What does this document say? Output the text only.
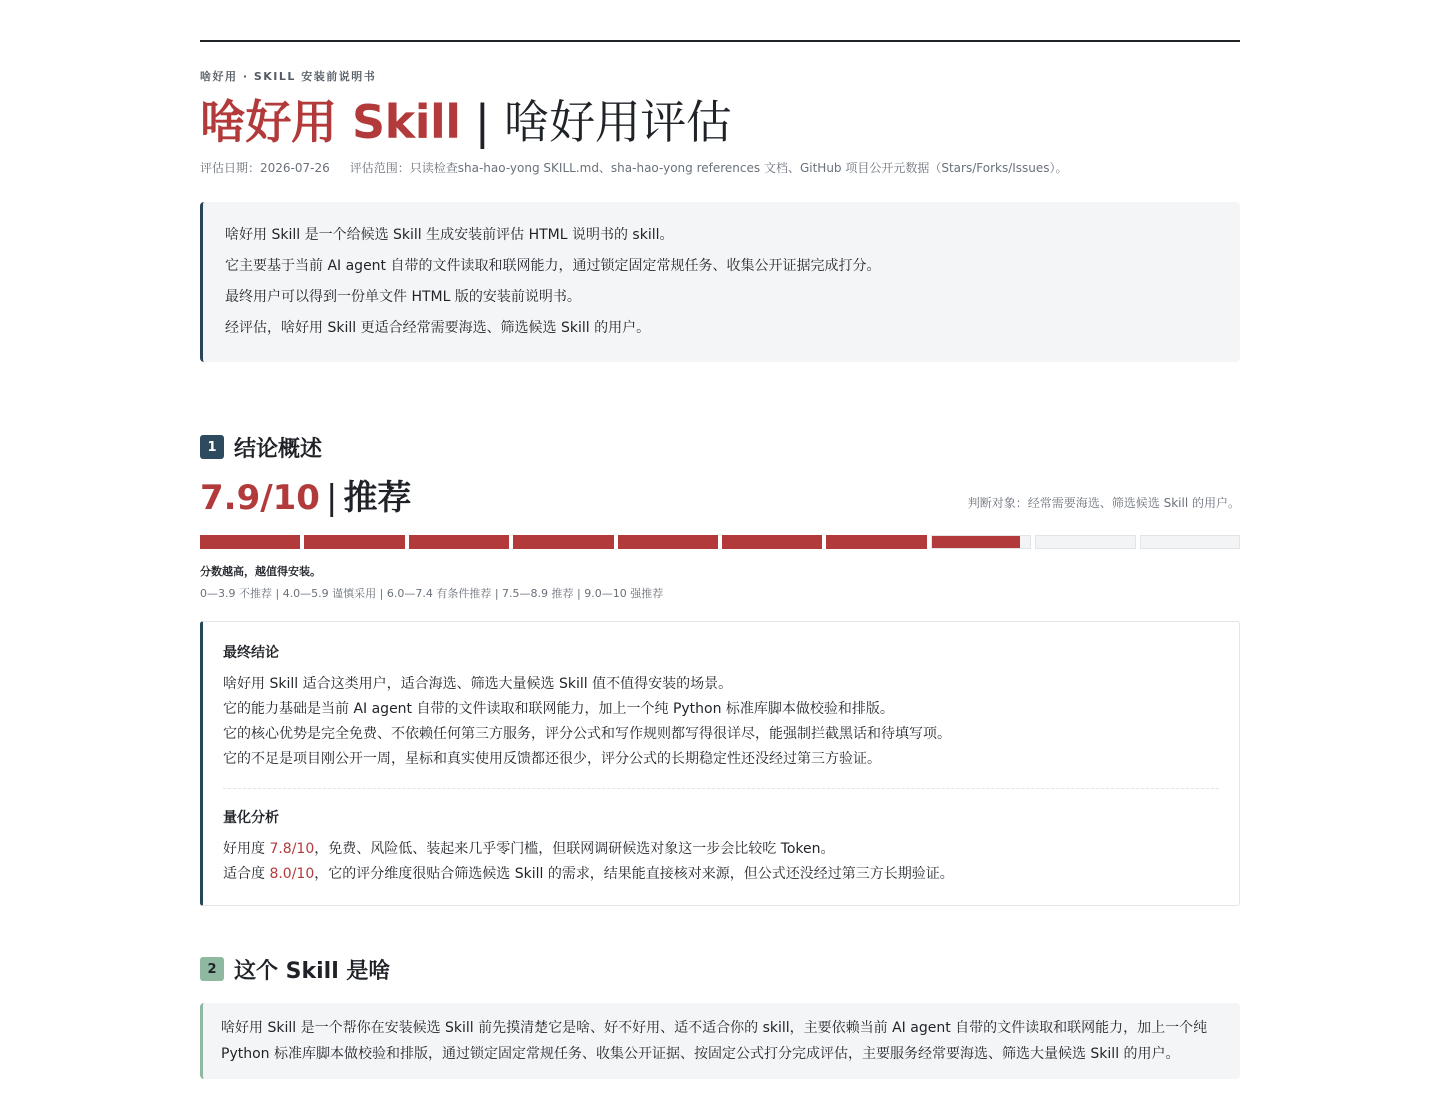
啥好用 · SKILL 安装前说明书
啥好用 Skill | 啥好用评估
评估日期：2026-07-26 评估范围：只读检查sha-hao-yong SKILL.md、sha-hao-yong references 文档、GitHub 项目公开元数据（Stars/Forks/Issues）。

啥好用 Skill 是一个给候选 Skill 生成安装前评估 HTML 说明书的 skill。

它主要基于当前 AI agent 自带的文件读取和联网能力，通过锁定固定常规任务、收集公开证据完成打分。

最终用户可以得到一份单文件 HTML 版的安装前说明书。

经评估，啥好用 Skill 更适合经常需要海选、筛选候选 Skill 的用户。

1 结论概述
7.9/10 | 推荐	判断对象：经常需要海选、筛选候选 Skill 的用户。
分数越高，越值得安装。
0—3.9 不推荐 | 4.0—5.9 谨慎采用 | 6.0—7.4 有条件推荐 | 7.5—8.9 推荐 | 9.0—10 强推荐
最终结论

啥好用 Skill 适合这类用户，适合海选、筛选大量候选 Skill 值不值得安装的场景。

它的能力基础是当前 AI agent 自带的文件读取和联网能力，加上一个纯 Python 标准库脚本做校验和排版。

它的核心优势是完全免费、不依赖任何第三方服务，评分公式和写作规则都写得很详尽，能强制拦截黑话和待填写项。

它的不足是项目刚公开一周，星标和真实使用反馈都还很少，评分公式的长期稳定性还没经过第三方验证。

量化分析

好用度 7.8/10，免费、风险低、装起来几乎零门槛，但联网调研候选对象这一步会比较吃 Token。

适合度 8.0/10，它的评分维度很贴合筛选候选 Skill 的需求，结果能直接核对来源，但公式还没经过第三方长期验证。

2 这个 Skill 是啥

啥好用 Skill 是一个帮你在安装候选 Skill 前先摸清楚它是啥、好不好用、适不适合你的 skill，主要依赖当前 AI agent 自带的文件读取和联网能力，加上一个纯 Python 标准库脚本做校验和排版，通过锁定固定常规任务、收集公开证据、按固定公式打分完成评估，主要服务经常要海选、筛选大量候选 Skill 的用户。
